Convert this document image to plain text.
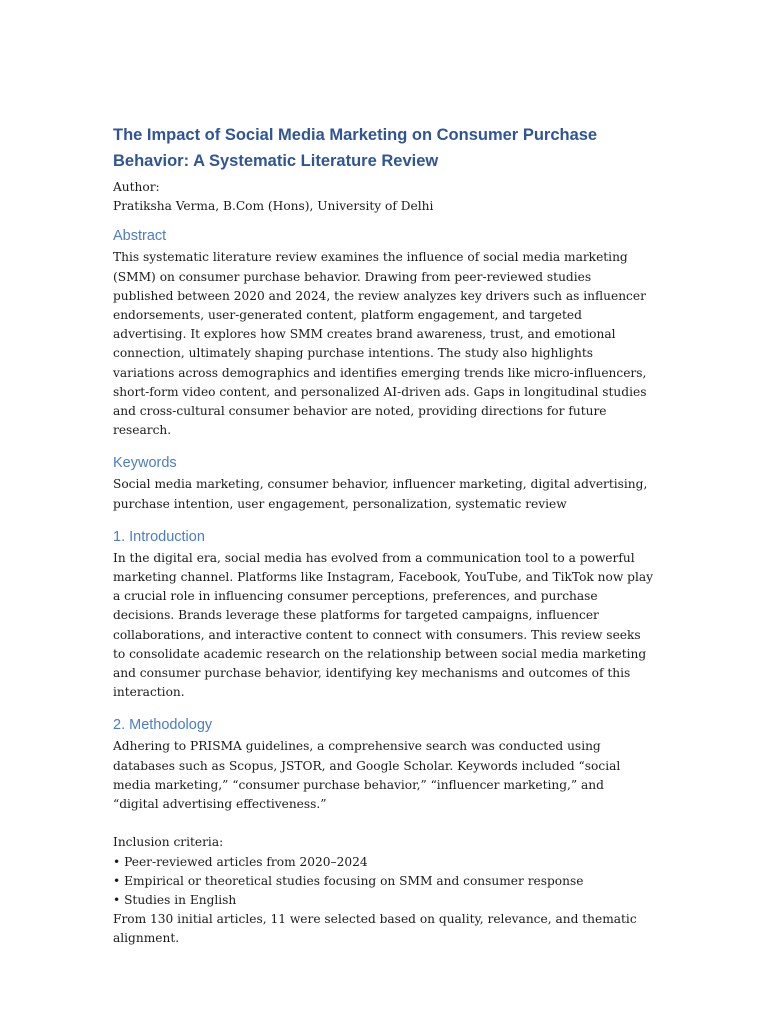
The Impact of Social Media Marketing on Consumer Purchase Behavior: A Systematic Literature Review

Author:

Pratiksha Verma, B.Com (Hons), University of Delhi

Abstract

This systematic literature review examines the influence of social media marketing (SMM) on consumer purchase behavior. Drawing from peer-reviewed studies published between 2020 and 2024, the review analyzes key drivers such as influencer endorsements, user-generated content, platform engagement, and targeted advertising. It explores how SMM creates brand awareness, trust, and emotional connection, ultimately shaping purchase intentions. The study also highlights variations across demographics and identifies emerging trends like micro-influencers, short-form video content, and personalized AI-driven ads. Gaps in longitudinal studies and cross-cultural consumer behavior are noted, providing directions for future research.

Keywords

Social media marketing, consumer behavior, influencer marketing, digital advertising, purchase intention, user engagement, personalization, systematic review

1. Introduction

In the digital era, social media has evolved from a communication tool to a powerful marketing channel. Platforms like Instagram, Facebook, YouTube, and TikTok now play a crucial role in influencing consumer perceptions, preferences, and purchase decisions. Brands leverage these platforms for targeted campaigns, influencer collaborations, and interactive content to connect with consumers. This review seeks to consolidate academic research on the relationship between social media marketing and consumer purchase behavior, identifying key mechanisms and outcomes of this interaction.

2. Methodology

Adhering to PRISMA guidelines, a comprehensive search was conducted using databases such as Scopus, JSTOR, and Google Scholar. Keywords included “social media marketing,” “consumer purchase behavior,” “influencer marketing,” and “digital advertising effectiveness.”

Inclusion criteria:

• Peer-reviewed articles from 2020–2024
• Empirical or theoretical studies focusing on SMM and consumer response
• Studies in English

From 130 initial articles, 11 were selected based on quality, relevance, and thematic alignment.
